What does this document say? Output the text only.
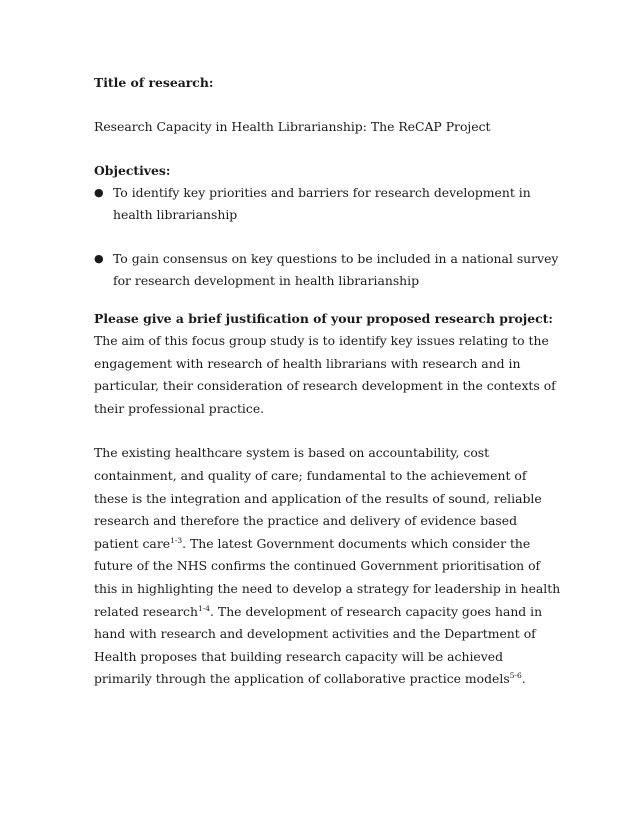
Title of research:

Research Capacity in Health Librarianship: The ReCAP Project

Objectives:

● To identify key priorities and barriers for research development in health librarianship
● To gain consensus on key questions to be included in a national survey for research development in health librarianship

Please give a brief justification of your proposed research project:

The aim of this focus group study is to identify key issues relating to the engagement with research of health librarians with research and in particular, their consideration of research development in the contexts of their professional practice.

The existing healthcare system is based on accountability, cost containment, and quality of care; fundamental to the achievement of these is the integration and application of the results of sound, reliable research and therefore the practice and delivery of evidence based patient care$^{1-3}$. The latest Government documents which consider the future of the NHS confirms the continued Government prioritisation of this in highlighting the need to develop a strategy for leadership in health related research$^{1-4}$. The development of research capacity goes hand in hand with research and development activities and the Department of Health proposes that building research capacity will be achieved primarily through the application of collaborative practice models$^{5-6}$.
